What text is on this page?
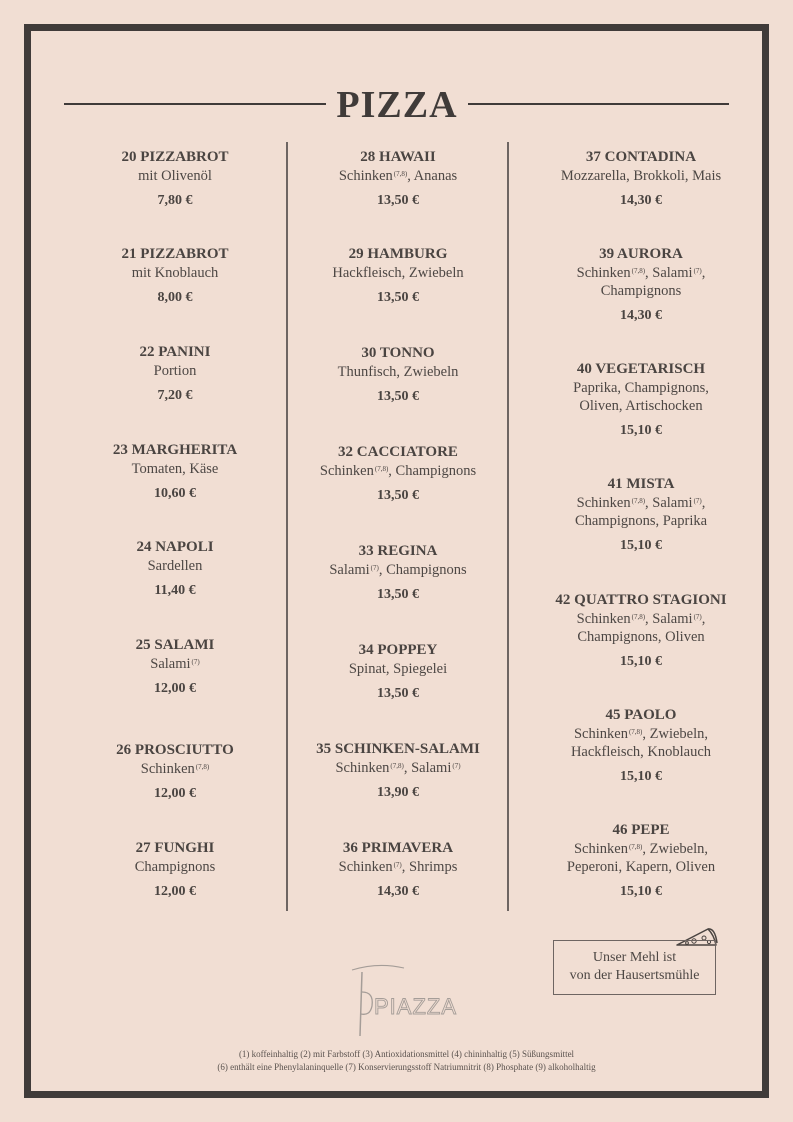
PIZZA
20 PIZZABROT
mit Olivenöl
7,80 €
21 PIZZABROT
mit Knoblauch
8,00 €
22 PANINI
Portion
7,20 €
23 MARGHERITA
Tomaten, Käse
10,60 €
24 NAPOLI
Sardellen
11,40 €
25 SALAMI
Salami$^{(7)}$
12,00 €
26 PROSCIUTTO
Schinken$^{(7,8)}$
12,00 €
27 FUNGHI
Champignons
12,00 €
28 HAWAII
Schinken$^{(7,8)}$, Ananas
13,50 €
29 HAMBURG
Hackfleisch, Zwiebeln
13,50 €
30 TONNO
Thunfisch, Zwiebeln
13,50 €
32 CACCIATORE
Schinken$^{(7,8)}$, Champignons
13,50 €
33 REGINA
Salami$^{(7)}$, Champignons
13,50 €
34 POPPEY
Spinat, Spiegelei
13,50 €
35 SCHINKEN-SALAMI
Schinken$^{(7,8)}$, Salami$^{(7)}$
13,90 €
36 PRIMAVERA
Schinken$^{(7)}$, Shrimps
14,30 €
37 CONTADINA
Mozzarella, Brokkoli, Mais
14,30 €
39 AURORA
Schinken$^{(7,8)}$, Salami$^{(7)}$,
Champignons
14,30 €
40 VEGETARISCH
Paprika, Champignons,
Oliven, Artischocken
15,10 €
41 MISTA
Schinken$^{(7,8)}$, Salami$^{(7)}$,
Champignons, Paprika
15,10 €
42 QUATTRO STAGIONI
Schinken$^{(7,8)}$, Salami$^{(7)}$,
Champignons, Oliven
15,10 €
45 PAOLO
Schinken$^{(7,8)}$, Zwiebeln,
Hackfleisch, Knoblauch
15,10 €
46 PEPE
Schinken$^{(7,8)}$, Zwiebeln,
Peperoni, Kapern, Oliven
15,10 €
Unser Mehl ist
von der Hausertsmühle
PIAZZA
(1) koffeinhaltig (2) mit Farbstoff (3) Antioxidationsmittel (4) chininhaltig (5) Süßungsmittel
(6) enthält eine Phenylalaninquelle (7) Konservierungsstoff Natriumnitrit (8) Phosphate (9) alkoholhaltig
